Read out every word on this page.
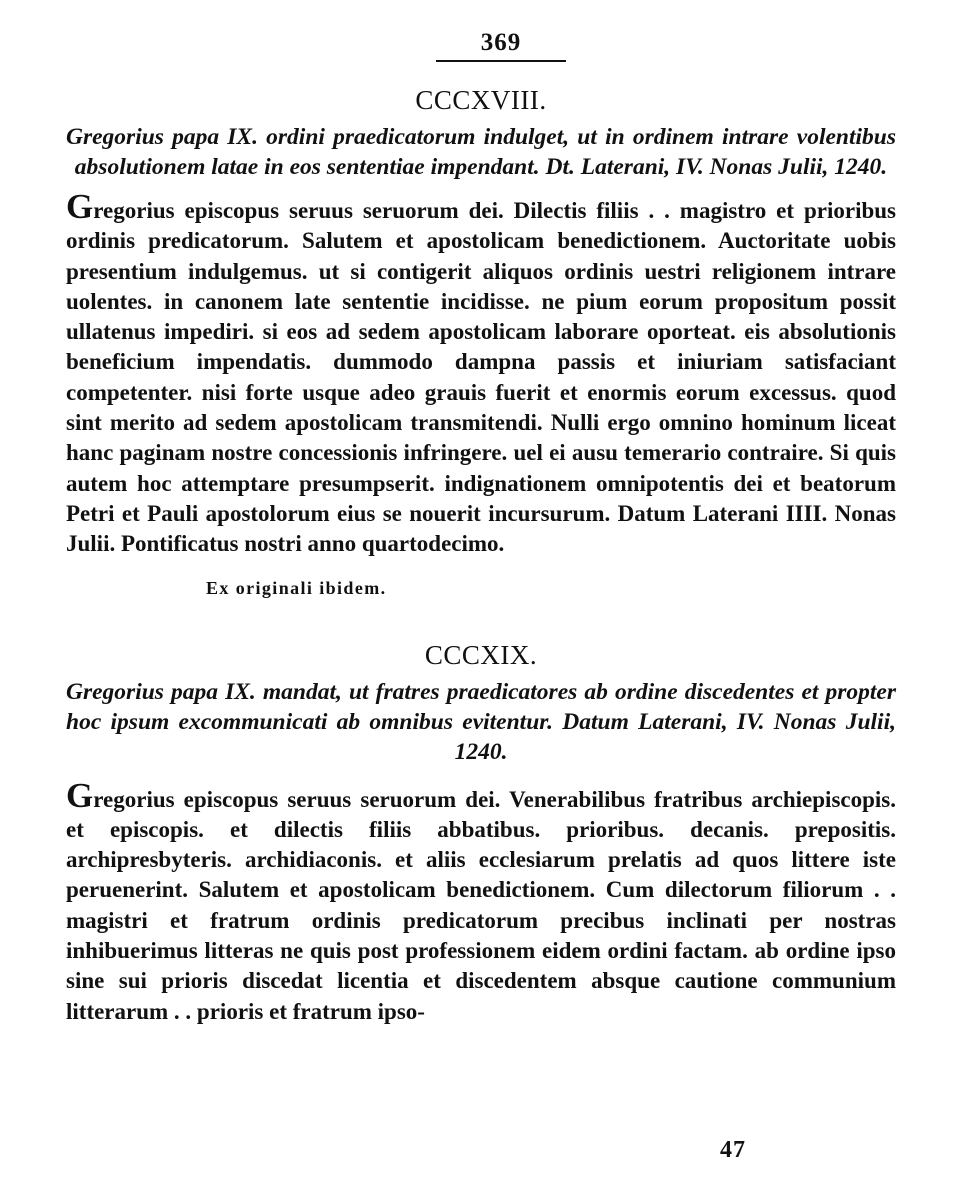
369
CCCXVIII.
Gregorius papa IX. ordini praedicatorum indulget, ut in ordinem intrare volentibus absolutionem latae in eos sententiae impendant. Dt. Laterani, IV. Nonas Julii, 1240.
Gregorius episcopus seruus seruorum dei. Dilectis filiis . . magistro et prioribus ordinis predicatorum. Salutem et apostolicam benedictionem. Auctoritate uobis presentium indulgemus. ut si contigerit aliquos ordinis uestri religionem intrare uolentes. in canonem late sententie incidisse. ne pium eorum propositum possit ullatenus impediri. si eos ad sedem apostolicam laborare oporteat. eis absolutionis beneficium impendatis. dummodo dampna passis et iniuriam satisfaciant competenter. nisi forte usque adeo grauis fuerit et enormis eorum excessus. quod sint merito ad sedem apostolicam transmitendi. Nulli ergo omnino hominum liceat hanc paginam nostre concessionis infringere. uel ei ausu temerario contraire. Si quis autem hoc attemptare presumpserit. indignationem omnipotentis dei et beatorum Petri et Pauli apostolorum eius se nouerit incursurum. Datum Laterani IIII. Nonas Julii. Pontificatus nostri anno quartodecimo.
Ex originali ibidem.
CCCXIX.
Gregorius papa IX. mandat, ut fratres praedicatores ab ordine discedentes et propter hoc ipsum excommunicati ab omnibus evitentur. Datum Laterani, IV. Nonas Julii, 1240.
Gregorius episcopus seruus seruorum dei. Venerabilibus fratribus archiepiscopis. et episcopis. et dilectis filiis abbatibus. prioribus. decanis. prepositis. archipresbyteris. archidiaconis. et aliis ecclesiarum prelatis ad quos littere iste peruenerint. Salutem et apostolicam benedictionem. Cum dilectorum filiorum . . magistri et fratrum ordinis predicatorum precibus inclinati per nostras inhibuerimus litteras ne quis post professionem eidem ordini factam. ab ordine ipso sine sui prioris discedat licentia et discedentem absque cautione communium litterarum . . prioris et fratrum ipso-
47
